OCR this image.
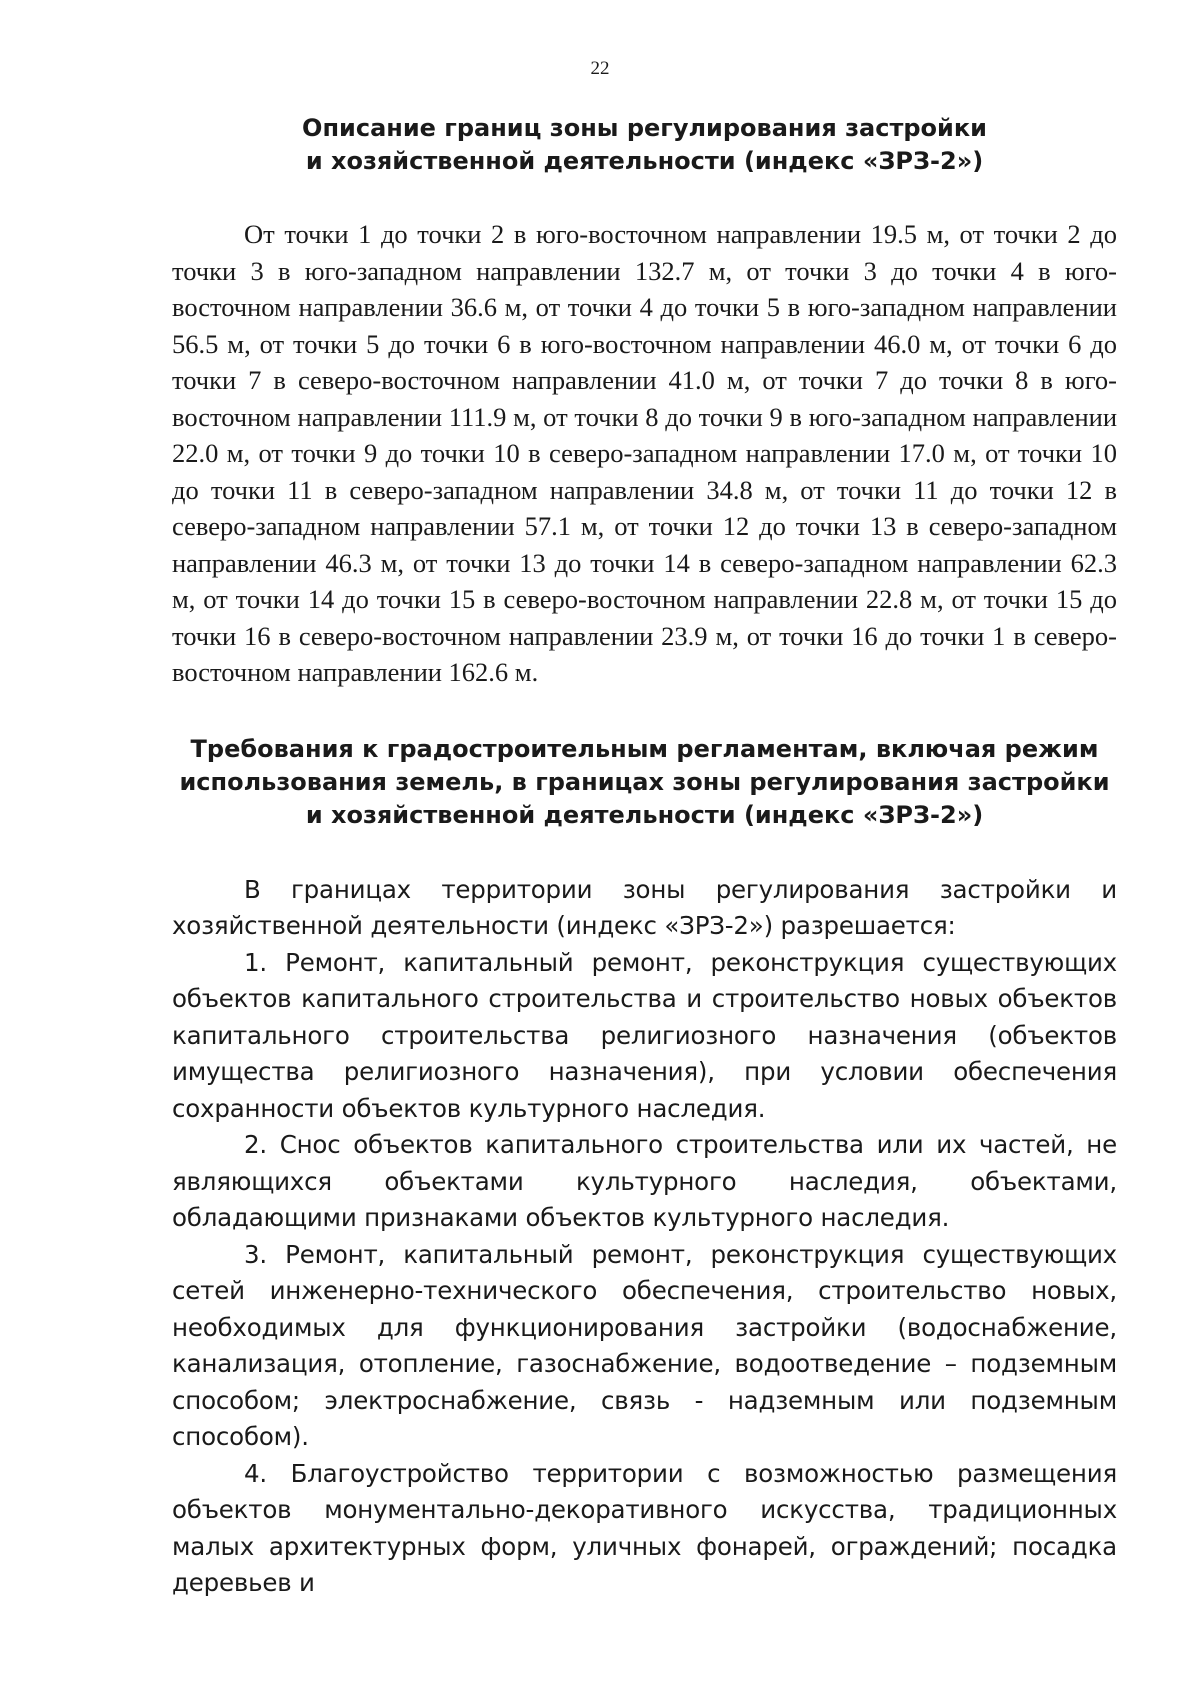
22
Описание границ зоны регулирования застройки
и хозяйственной деятельности (индекс «ЗРЗ-2»)

От точки 1 до точки 2 в юго-восточном направлении 19.5 м, от точки 2 до точки 3 в юго-западном направлении 132.7 м, от точки 3 до точки 4 в юго-восточном направлении 36.6 м, от точки 4 до точки 5 в юго-западном направлении 56.5 м, от точки 5 до точки 6 в юго-восточном направлении 46.0 м, от точки 6 до точки 7 в северо-восточном направлении 41.0 м, от точки 7 до точки 8 в юго-восточном направлении 111.9 м, от точки 8 до точки 9 в юго-западном направлении 22.0 м, от точки 9 до точки 10 в северо-западном направлении 17.0 м, от точки 10 до точки 11 в северо-западном направлении 34.8 м, от точки 11 до точки 12 в северо-западном направлении 57.1 м, от точки 12 до точки 13 в северо-западном направлении 46.3 м, от точки 13 до точки 14 в северо-западном направлении 62.3 м, от точки 14 до точки 15 в северо-восточном направлении 22.8 м, от точки 15 до точки 16 в северо-восточном направлении 23.9 м, от точки 16 до точки 1 в северо-восточном направлении 162.6 м.

Требования к градостроительным регламентам, включая режим
использования земель, в границах зоны регулирования застройки
и хозяйственной деятельности (индекс «ЗРЗ-2»)

В границах территории зоны регулирования застройки и хозяйственной деятельности (индекс «ЗРЗ-2») разрешается:

1. Ремонт, капитальный ремонт, реконструкция существующих объектов капитального строительства и строительство новых объектов капитального строительства религиозного назначения (объектов имущества религиозного назначения), при условии обеспечения сохранности объектов культурного наследия.

2. Снос объектов капитального строительства или их частей, не являющихся объектами культурного наследия, объектами, обладающими признаками объектов культурного наследия.

3. Ремонт, капитальный ремонт, реконструкция существующих сетей инженерно-технического обеспечения, строительство новых, необходимых для функционирования застройки (водоснабжение, канализация, отопление, газоснабжение, водоотведение – подземным способом; электроснабжение, связь - надземным или подземным способом).

4. Благоустройство территории с возможностью размещения объектов монументально-декоративного искусства, традиционных малых архитектурных форм, уличных фонарей, ограждений; посадка деревьев и
